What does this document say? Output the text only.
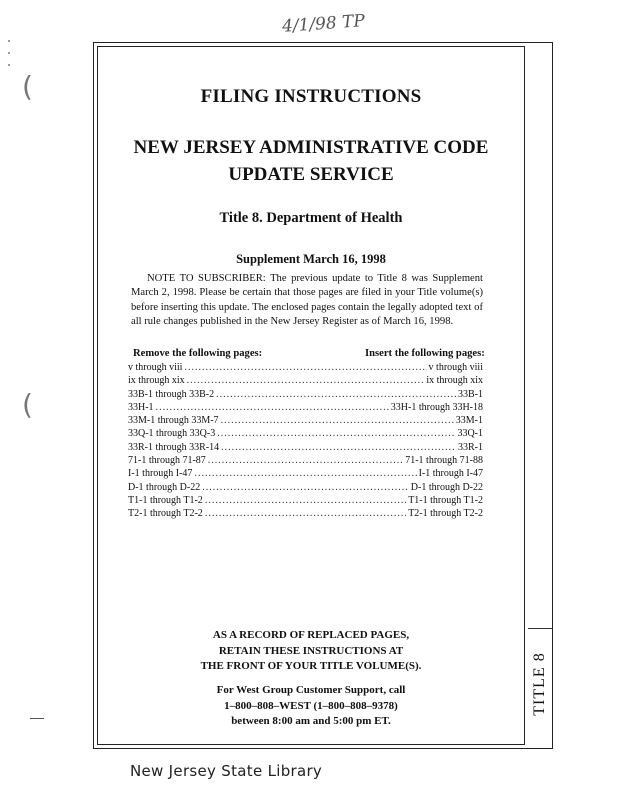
(
(
4/1/98 TP
FILING INSTRUCTIONS
NEW JERSEY ADMINISTRATIVE CODE
UPDATE SERVICE
Title 8. Department of Health
Supplement March 16, 1998
NOTE TO SUBSCRIBER: The previous update to Title 8 was Supplement March 2, 1998. Please be certain that those pages are filed in your Title volume(s) before inserting this update. The enclosed pages contain the legally adopted text of all rule changes published in the New Jersey Register as of March 16, 1998.
Remove the following pages:	Insert the following pages:
v through viii .....	v through viii
ix through xix .....	ix through xix
33B-1 through 33B-2 .....	33B-1
33H-1 .....	33H-1 through 33H-18
33M-1 through 33M-7 .....	33M-1
33Q-1 through 33Q-3 .....	33Q-1
33R-1 through 33R-14 .....	33R-1
71-1 through 71-87 .....	71-1 through 71-88
I-1 through I-47 .....	I-1 through I-47
D-1 through D-22 .....	D-1 through D-22
T1-1 through T1-2 .....	T1-1 through T1-2
T2-1 through T2-2 .....	T2-1 through T2-2
AS A RECORD OF REPLACED PAGES,
RETAIN THESE INSTRUCTIONS AT
THE FRONT OF YOUR TITLE VOLUME(S).
For West Group Customer Support, call
1–800–808–WEST (1–800–808–9378)
between 8:00 am and 5:00 pm ET.
TITLE 8
New Jersey State Library
